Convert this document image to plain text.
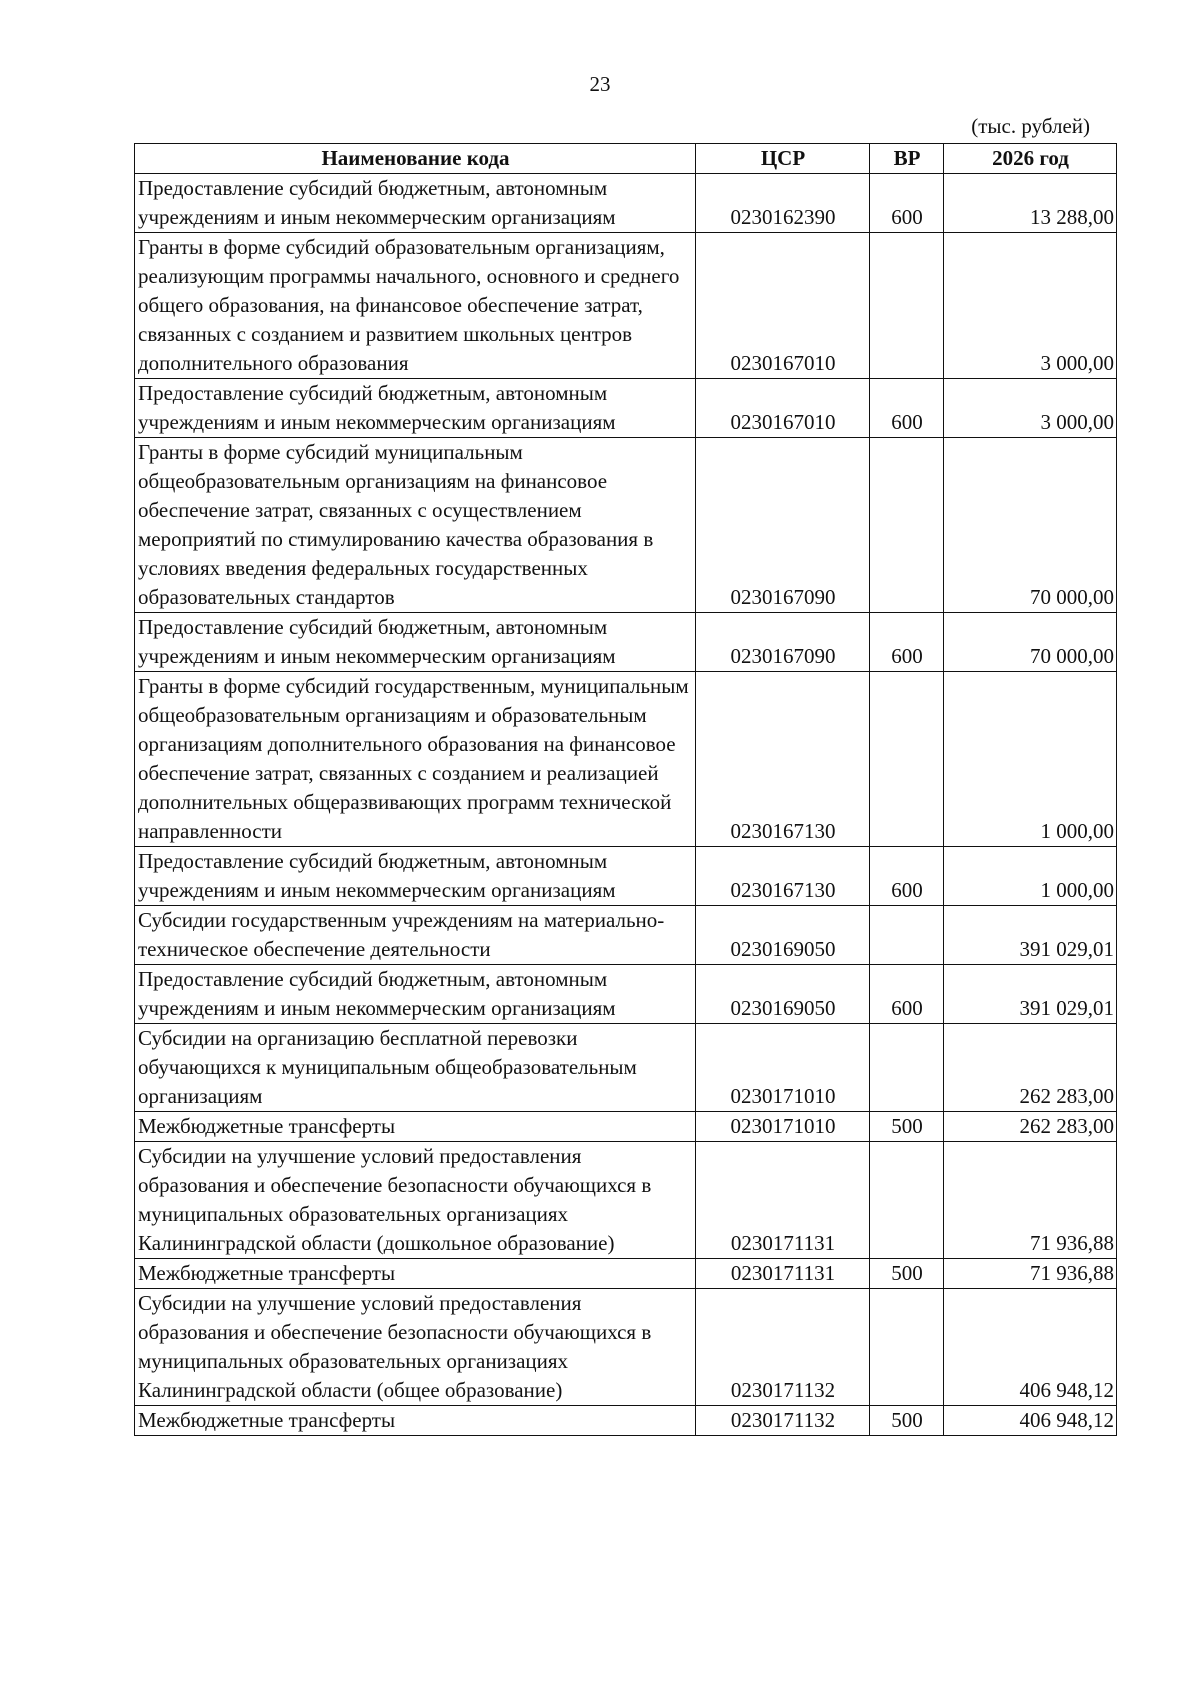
23
(тыс. рублей)
Наименование кода	ЦСР	ВР	2026 год
Предоставление субсидий бюджетным, автономным учреждениям и иным некоммерческим организациям	0230162390	600	13 288,00
Гранты в форме субсидий образовательным организациям, реализующим программы начального, основного и среднего общего образования, на финансовое обеспечение затрат, связанных с созданием и развитием школьных центров дополнительного образования	0230167010		3 000,00
Предоставление субсидий бюджетным, автономным учреждениям и иным некоммерческим организациям	0230167010	600	3 000,00
Гранты в форме субсидий муниципальным общеобразовательным организациям на финансовое обеспечение затрат, связанных с осуществлением мероприятий по стимулированию качества образования в условиях введения федеральных государственных образовательных стандартов	0230167090		70 000,00
Предоставление субсидий бюджетным, автономным учреждениям и иным некоммерческим организациям	0230167090	600	70 000,00
Гранты в форме субсидий государственным, муниципальным общеобразовательным организациям и образовательным организациям дополнительного образования на финансовое обеспечение затрат, связанных с созданием и реализацией дополнительных общеразвивающих программ технической направленности	0230167130		1 000,00
Предоставление субсидий бюджетным, автономным учреждениям и иным некоммерческим организациям	0230167130	600	1 000,00
Субсидии государственным учреждениям на материально-техническое обеспечение деятельности	0230169050		391 029,01
Предоставление субсидий бюджетным, автономным учреждениям и иным некоммерческим организациям	0230169050	600	391 029,01
Субсидии на организацию бесплатной перевозки обучающихся к муниципальным общеобразовательным организациям	0230171010		262 283,00
Межбюджетные трансферты	0230171010	500	262 283,00
Субсидии на улучшение условий предоставления образования и обеспечение безопасности обучающихся в муниципальных образовательных организациях Калининградской области (дошкольное образование)	0230171131		71 936,88
Межбюджетные трансферты	0230171131	500	71 936,88
Субсидии на улучшение условий предоставления образования и обеспечение безопасности обучающихся в муниципальных образовательных организациях Калининградской области (общее образование)	0230171132		406 948,12
Межбюджетные трансферты	0230171132	500	406 948,12
